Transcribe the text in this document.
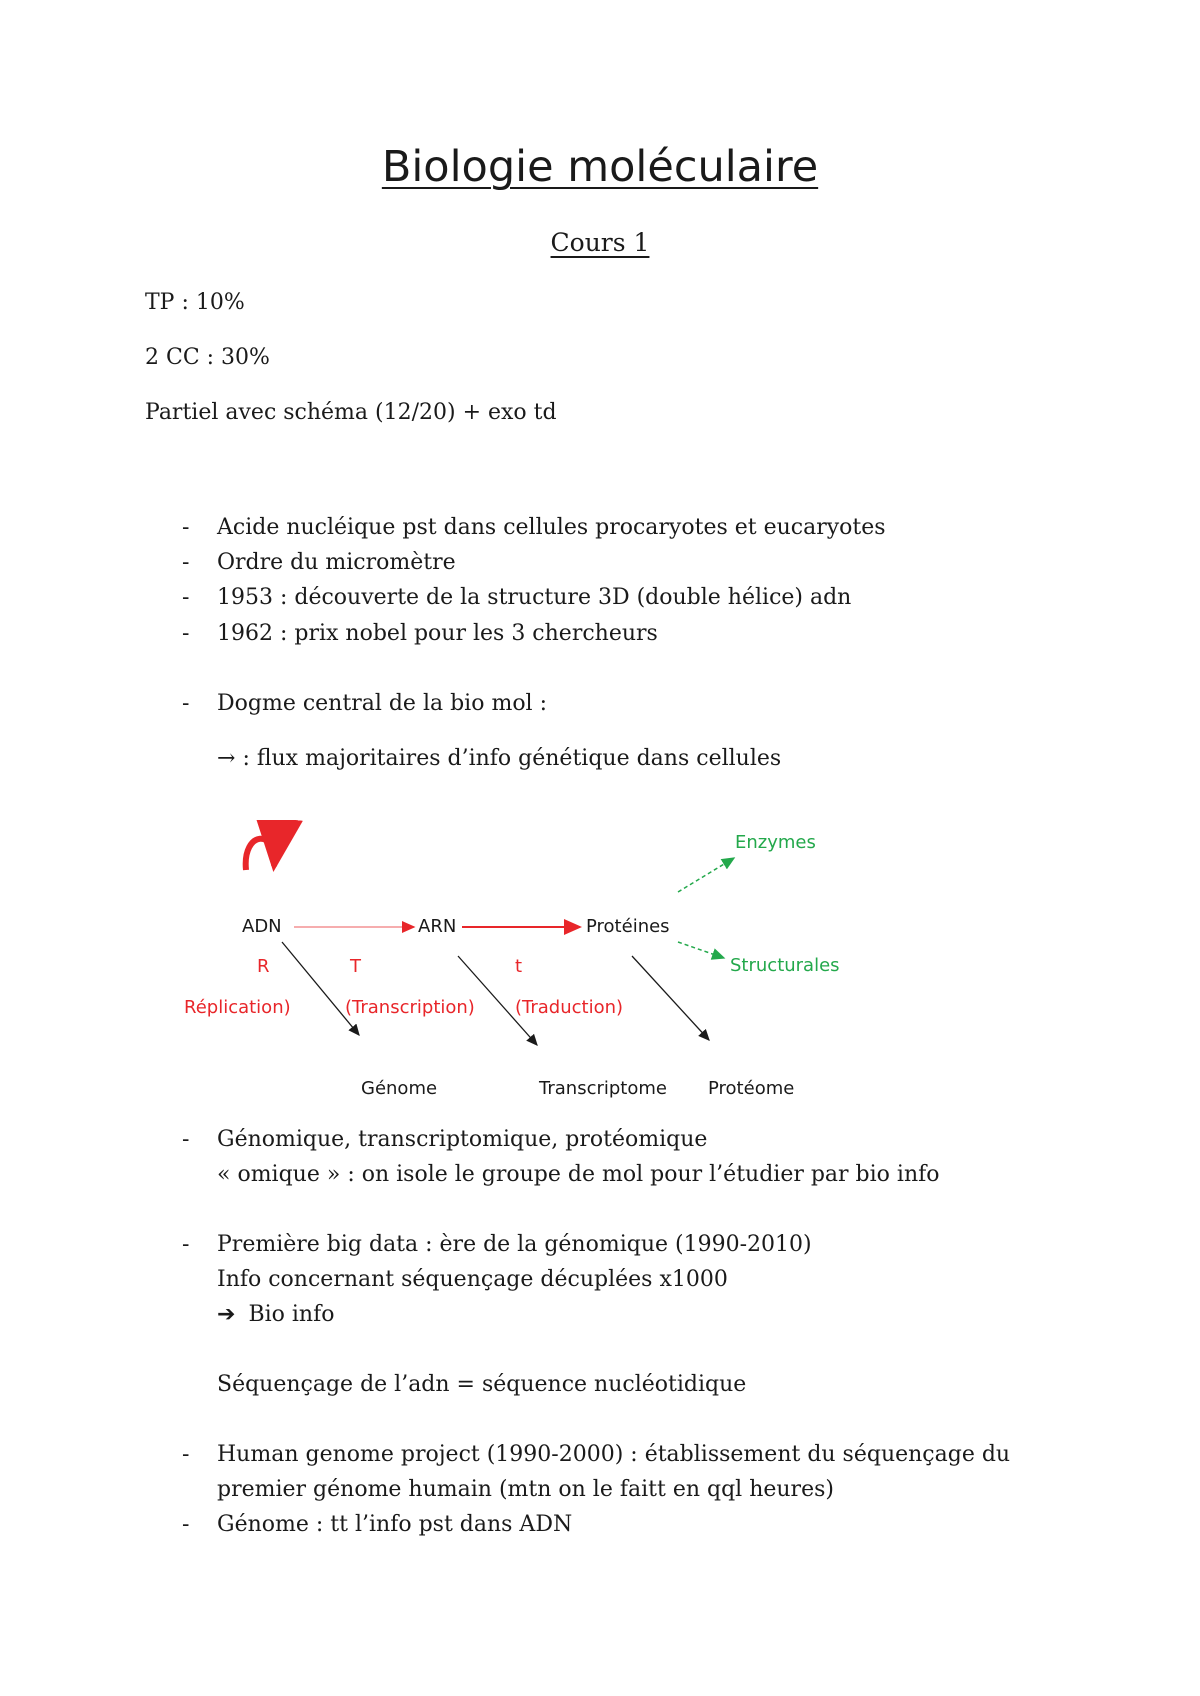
Biologie moléculaire
Cours 1
TP : 10%
2 CC : 30%
Partiel avec schéma (12/20) + exo td
- Acide nucléique pst dans cellules procaryotes et eucaryotes
- Ordre du micromètre
- 1953 : découverte de la structure 3D (double hélice) adn
- 1962 : prix nobel pour les 3 chercheurs
- Dogme central de la bio mol :
→ : flux majoritaires d’info génétique dans cellules
ADN	ARN	Protéines
Enzymes
Structurales
R	T	t
Réplication)	(Transcription) (Traduction)
Génome	Transcriptome Protéome
- Génomique, transcriptomique, protéomique
« omique » : on isole le groupe de mol pour l’étudier par bio info
- Première big data : ère de la génomique (1990-2010)
Info concernant séquençage décuplées x1000
➔ Bio info
Séquençage de l’adn = séquence nucléotidique
- Human genome project (1990-2000) : établissement du séquençage du
premier génome humain (mtn on le faitt en qql heures)
- Génome : tt l’info pst dans ADN
